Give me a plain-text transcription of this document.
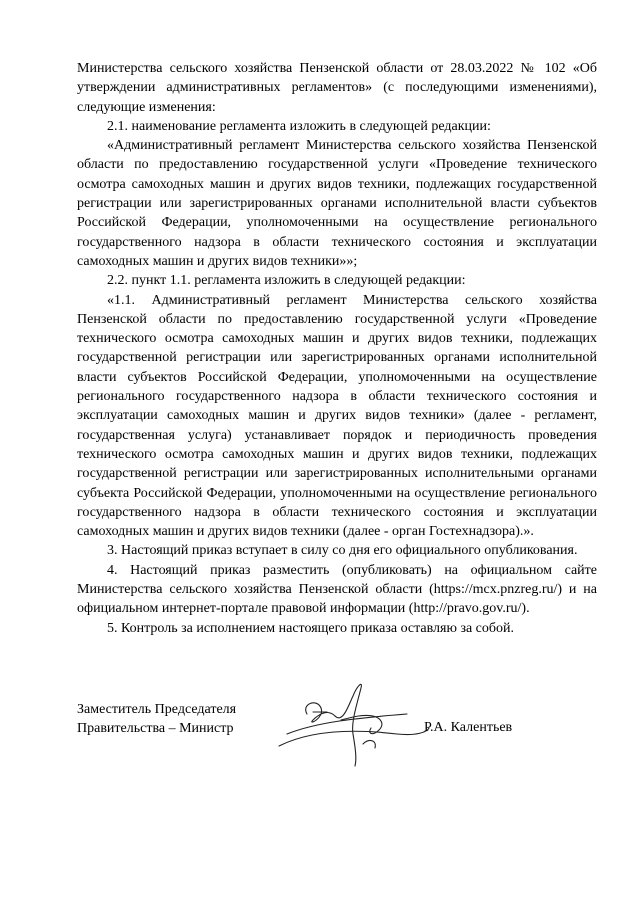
Министерства сельского хозяйства Пензенской области от 28.03.2022 № 102 «Об утверждении административных регламентов» (с последующими изменениями), следующие изменения:

2.1. наименование регламента изложить в следующей редакции:

«Административный регламент Министерства сельского хозяйства Пензенской области по предоставлению государственной услуги «Проведение технического осмотра самоходных машин и других видов техники, подлежащих государственной регистрации или зарегистрированных органами исполнительной власти субъектов Российской Федерации, уполномоченными на осуществление регионального государственного надзора в области технического состояния и эксплуатации самоходных машин и других видов техники»»;

2.2. пункт 1.1. регламента изложить в следующей редакции:

«1.1. Административный регламент Министерства сельского хозяйства Пензенской области по предоставлению государственной услуги «Проведение технического осмотра самоходных машин и других видов техники, подлежащих государственной регистрации или зарегистрированных органами исполнительной власти субъектов Российской Федерации, уполномоченными на осуществление регионального государственного надзора в области технического состояния и эксплуатации самоходных машин и других видов техники» (далее - регламент, государственная услуга) устанавливает порядок и периодичность проведения технического осмотра самоходных машин и других видов техники, подлежащих государственной регистрации или зарегистрированных исполнительными органами субъекта Российской Федерации, уполномоченными на осуществление регионального государственного надзора в области технического состояния и эксплуатации самоходных машин и других видов техники (далее - орган Гостехнадзора).».

3. Настоящий приказ вступает в силу со дня его официального опубликования.

4. Настоящий приказ разместить (опубликовать) на официальном сайте Министерства сельского хозяйства Пензенской области (https://mcx.pnzreg.ru/) и на официальном интернет-портале правовой информации (http://pravo.gov.ru/).

5. Контроль за исполнением настоящего приказа оставляю за собой.

Заместитель Председателя
Правительства – Министр	Р.А. Калентьев
